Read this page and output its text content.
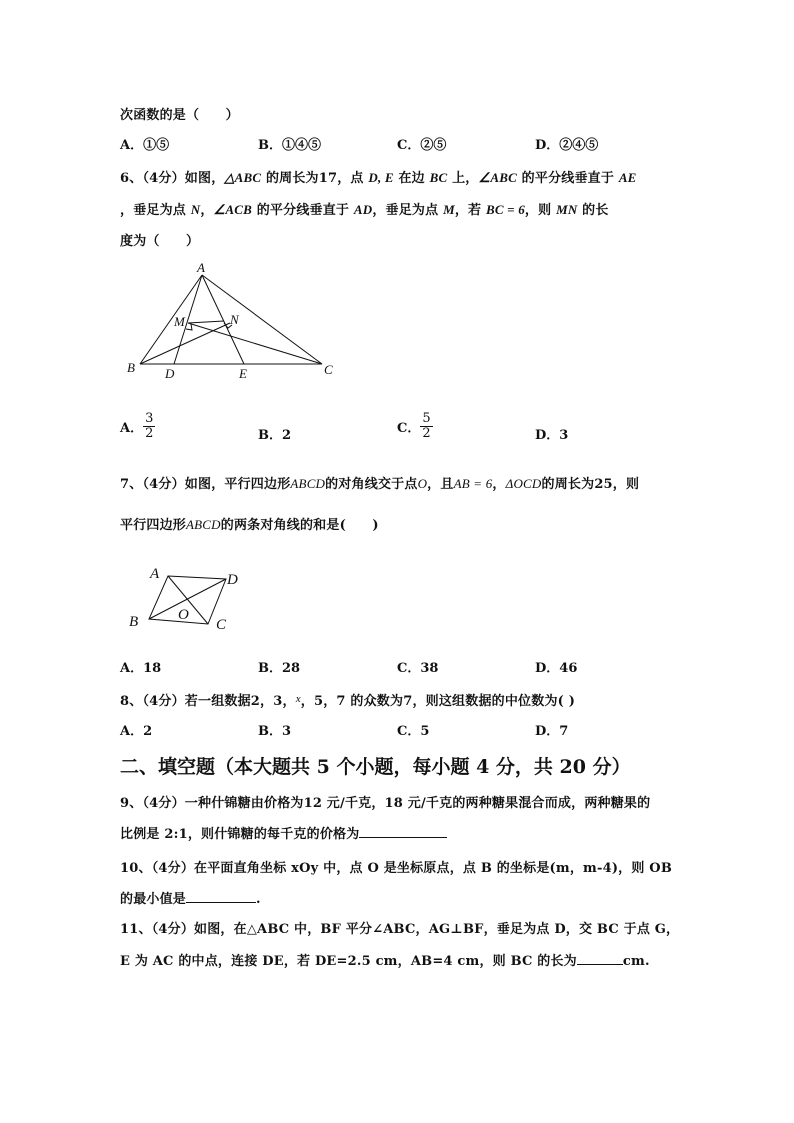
次函数的是（　　）
A．①⑤	B．①④⑤	C．②⑤	D．②④⑤
6、（4分）如图，△ABC 的周长为17，点 D, E 在边 BC 上，∠ABC 的平分线垂直于 AE
，垂足为点 N，∠ACB 的平分线垂直于 AD，垂足为点 M，若 BC = 6，则 MN 的长
度为（　　）
A
M	N
B D	E	C
A． $\frac{3}{2}$	B．2	C． $\frac{5}{2}$	D．3
7、（4分）如图，平行四边形ABCD的对角线交于点O，且AB = 6，ΔOCD的周长为25，则
平行四边形ABCD的两条对角线的和是(　　)
A	D
B	O
C
A．18	B．28	C．38	D．46
8、（4分）若一组数据2，3，$^x$，5，7 的众数为7，则这组数据的中位数为( )
A．2	B．3	C．5	D．7
二、填空题（本大题共 5 个小题，每小题 4 分，共 20 分）
9、（4分）一种什锦糖由价格为12 元/千克，18 元/千克的两种糖果混合而成，两种糖果的
比例是 2:1，则什锦糖的每千克的价格为
10、（4分）在平面直角坐标 xOy 中，点 O 是坐标原点，点 B 的坐标是(m，m-4)，则 OB
的最小值是	.
11、（4分）如图，在△ABC 中，BF 平分∠ABC，AG⊥BF，垂足为点 D，交 BC 于点 G，
E 为 AC 的中点，连接 DE，若 DE=2.5 cm，AB=4 cm，则 BC 的长为	cm.
